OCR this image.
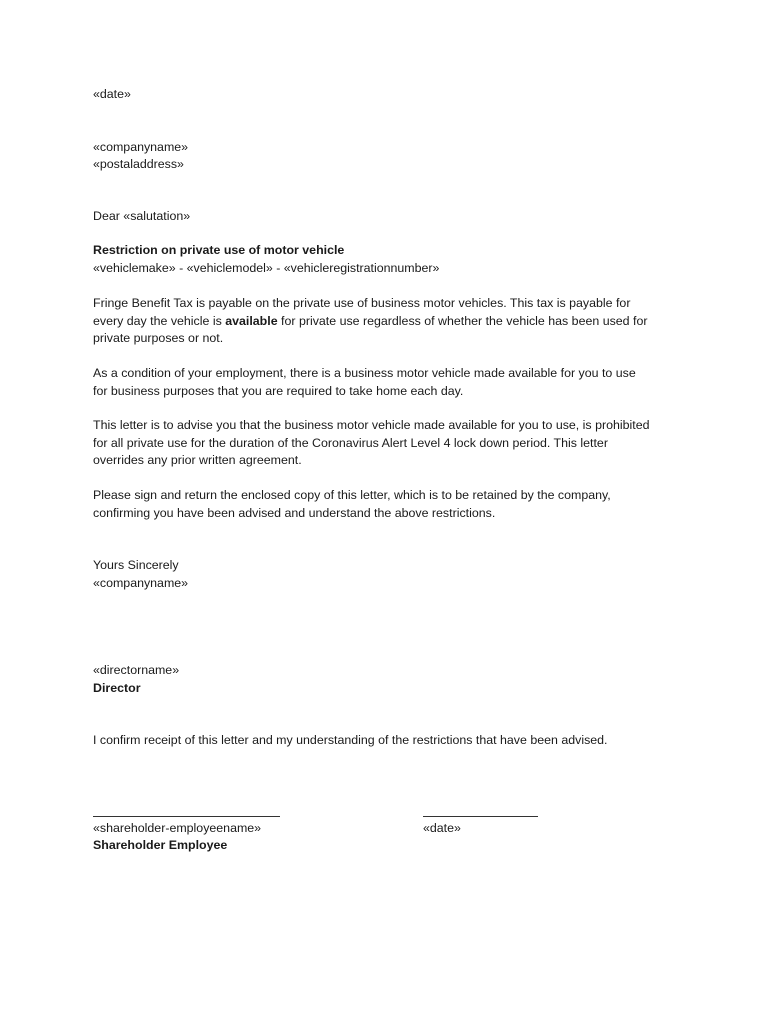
«date»
«companyname»
«postaladdress»
Dear «salutation»
Restriction on private use of motor vehicle
«vehiclemake» - «vehiclemodel» - «vehicleregistrationnumber»

Fringe Benefit Tax is payable on the private use of business motor vehicles. This tax is payable for

every day the vehicle is available for private use regardless of whether the vehicle has been used for

private purposes or not.

As a condition of your employment, there is a business motor vehicle made available for you to use

for business purposes that you are required to take home each day.

This letter is to advise you that the business motor vehicle made available for you to use, is prohibited

for all private use for the duration of the Coronavirus Alert Level 4 lock down period. This letter

overrides any prior written agreement.

Please sign and return the enclosed copy of this letter, which is to be retained by the company,

confirming you have been advised and understand the above restrictions.

Yours Sincerely
«companyname»
«directorname»
Director
I confirm receipt of this letter and my understanding of the restrictions that have been advised.
«shareholder-employeename»	«date»
Shareholder Employee
